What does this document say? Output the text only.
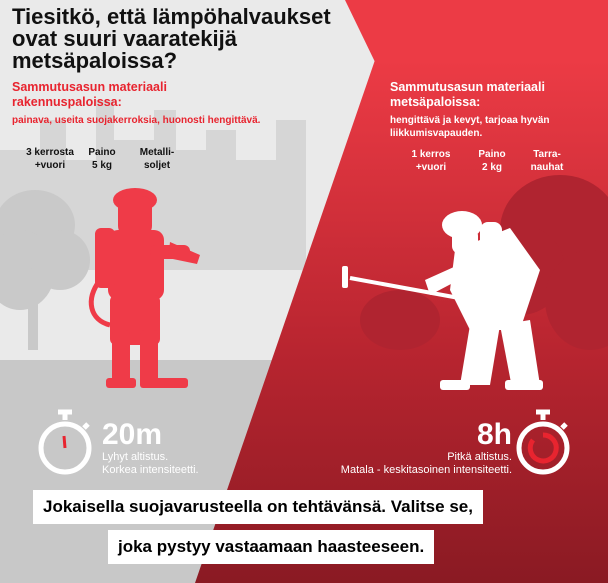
Tiesitkö, että lämpöhalvaukset ovat suuri vaaratekijä metsäpaloissa?

Sammutusasun materiaali rakennuspaloissa:

painava, useita suojakerroksia, huonosti hengittävä.

3 kerrosta
+vuori
Paino
5 kg
Metalli-
soljet

Sammutusasun materiaali metsäpaloissa:

hengittävä ja kevyt, tarjoaa hyvän liikkumisvapauden.

1 kerros
+vuori
Paino
2 kg
Tarra-
nauhat
20m
Lyhyt altistus.
Korkea intensiteetti.
8h
Pitkä altistus.
Matala - keskitasoinen intensiteetti.
Jokaisella suojavarusteella on tehtävänsä. Valitse se,
joka pystyy vastaamaan haasteeseen.
